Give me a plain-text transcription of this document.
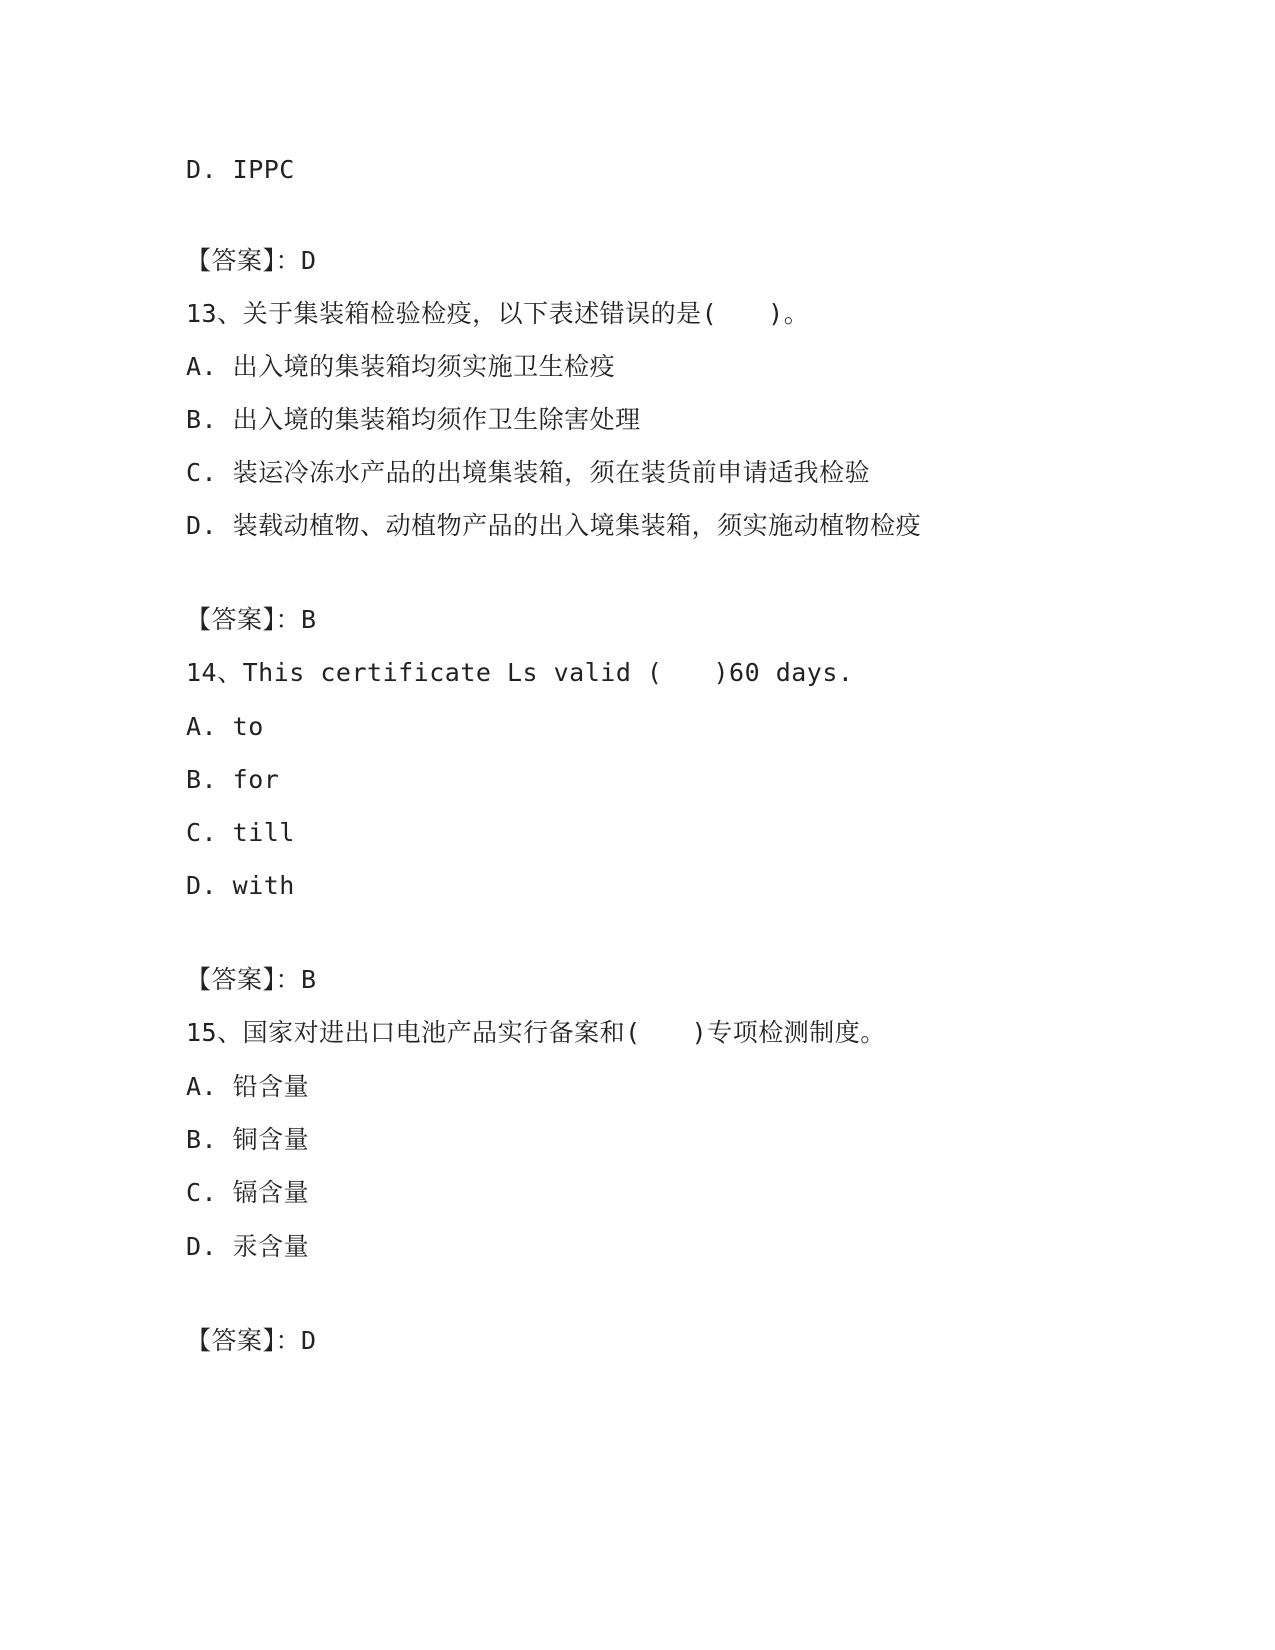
D. IPPC
【答案】：D
13、关于集装箱检验检疫，以下表述错误的是(　　)。
A. 出入境的集装箱均须实施卫生检疫
B. 出入境的集装箱均须作卫生除害处理
C. 装运冷冻水产品的出境集装箱，须在装货前申请适我检验
D. 装载动植物、动植物产品的出入境集装箱，须实施动植物检疫
【答案】：B
14、This certificate Ls valid (　　)60 days.
A. to
B. for
C. till
D. with
【答案】：B
15、国家对进出口电池产品实行备案和(　　)专项检测制度。
A. 铅含量
B. 铜含量
C. 镉含量
D. 汞含量
【答案】：D
